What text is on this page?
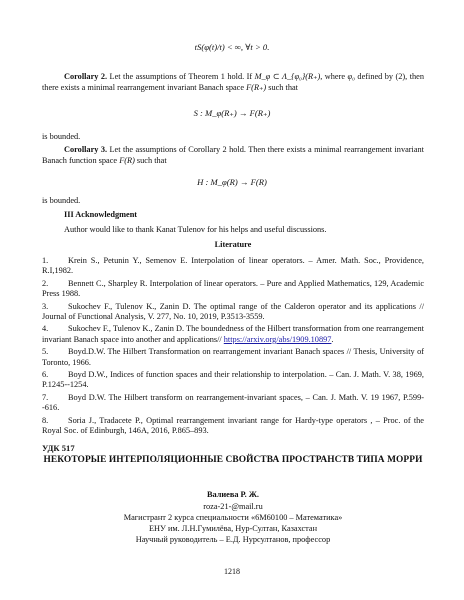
tS(φ(t)/t) < ∞, ∀t > 0.
Corollary 2. Let the assumptions of Theorem 1 hold. If M_φ ⊂ Λ_{φ₀}(R₊), where φ₀ defined by (2), then there exists a minimal rearrangement invariant Banach space F(R₊) such that
S : M_φ(R₊) → F(R₊)
is bounded.
Corollary 3. Let the assumptions of Corollary 2 hold. Then there exists a minimal rearrangement invariant Banach function space F(R) such that
H : M_φ(R) → F(R)
is bounded.
III Acknowledgment
Author would like to thank Kanat Tulenov for his helps and useful discussions.
Literature
1. Krein S., Petunin Y., Semenov E. Interpolation of linear operators. – Amer. Math. Soc., Providence, R.I,1982.
2. Bennett C., Sharpley R. Interpolation of linear operators. – Pure and Applied Mathematics, 129, Academic Press 1988.
3. Sukochev F., Tulenov K., Zanin D. The optimal range of the Calderon operator and its applications // Journal of Functional Analysis, V. 277, No. 10, 2019, P.3513-3559.
4. Sukochev F., Tulenov K., Zanin D. The boundedness of the Hilbert transformation from one rearrangement invariant Banach space into another and applications// https://arxiv.org/abs/1909.10897.
5. Boyd.D.W. The Hilbert Transformation on rearrangement invariant Banach spaces // Thesis, University of Toronto, 1966.
6. Boyd D.W., Indices of function spaces and their relationship to interpolation. – Can. J. Math. V. 38, 1969, P.1245--1254.
7. Boyd D.W. The Hilbert transform on rearrangement-invariant spaces, – Can. J. Math. V. 19 1967, P.599--616.
8. Soria J., Tradacete P., Optimal rearrangement invariant range for Hardy-type operators , – Proc. of the Royal Soc. of Edinburgh, 146A, 2016, P.865–893.
УДК 517
НЕКОТОРЫЕ ИНТЕРПОЛЯЦИОННЫЕ СВОЙСТВА ПРОСТРАНСТВ ТИПА МОРРИ
Валиева Р. Ж.
roza-21-@mail.ru
Магистрант 2 курса специальности «6М60100 – Математика»
ЕНУ им. Л.Н.Гумилёва, Нур-Султан, Казахстан
Научный руководитель – Е.Д. Нурсултанов, профессор
1218
